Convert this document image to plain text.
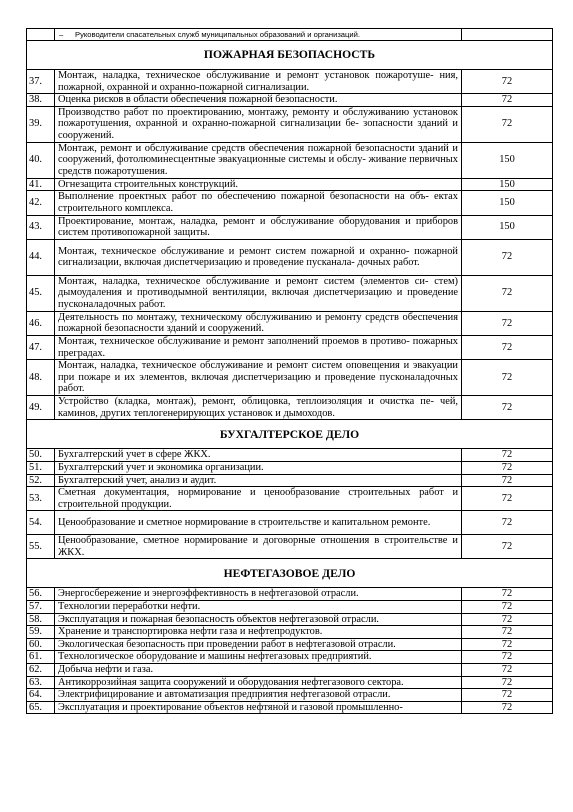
	– Руководители спасательных служб муниципальных образований и организаций.	
ПОЖАРНАЯ БЕЗОПАСНОСТЬ		
37.	Монтаж, наладка, техническое обслуживание и ремонт установок пожаротуше- ния, пожарной, охранной и охранно-пожарной сигнализации.	72
38.	Оценка рисков в области обеспечения пожарной безопасности.	72
39.	Производство работ по проектированию, монтажу, ремонту и обслуживанию установок пожаротушения, охранной и охранно-пожарной сигнализации бе- зопасности зданий и сооружений.	72
40.	Монтаж, ремонт и обслуживание средств обеспечения пожарной безопасности зданий и сооружений, фотолюминесцентные эвакуационные системы и обслу- живание первичных средств пожаротушения.	150
41.	Огнезащита строительных конструкций.	150
42.	Выполнение проектных работ по обеспечению пожарной безопасности на объ- ектах строительного комплекса.	150
43.	Проектирование, монтаж, наладка, ремонт и обслуживание оборудования и приборов систем противопожарной защиты.	150
44.	Монтаж, техническое обслуживание и ремонт систем пожарной и охранно- пожарной сигнализации, включая диспетчеризацию и проведение пусканала- дочных работ.	72
45.	Монтаж, наладка, техническое обслуживание и ремонт систем (элементов си- стем) дымоудаления и противодымной вентиляции, включая диспетчеризацию и проведение пусконаладочных работ.	72
46.	Деятельность по монтажу, техническому обслуживанию и ремонту средств обеспечения пожарной безопасности зданий и сооружений.	72
47.	Монтаж, техническое обслуживание и ремонт заполнений проемов в противо- пожарных преградах.	72
48.	Монтаж, наладка, техническое обслуживание и ремонт систем оповещения и эвакуации при пожаре и их элементов, включая диспетчеризацию и проведение пусконаладочных работ.	72
49.	Устройство (кладка, монтаж), ремонт, облицовка, теплоизоляция и очистка пе- чей, каминов, других теплогенерирующих установок и дымоходов.	72
БУХГАЛТЕРСКОЕ ДЕЛО		
50.	Бухгалтерский учет в сфере ЖКХ.	72
51.	Бухгалтерский учет и экономика организации.	72
52.	Бухгалтерский учет, анализ и аудит.	72
53.	Сметная документация, нормирование и ценообразование строительных работ и строительной продукции.	72
54.	Ценообразование и сметное нормирование в строительстве и капитальном ремонте.	72
55.	Ценообразование, сметное нормирование и договорные отношения в строительстве и ЖКХ.	72
НЕФТЕГАЗОВОЕ ДЕЛО		
56.	Энергосбережение и энергоэффективность в нефтегазовой отрасли.	72
57.	Технологии переработки нефти.	72
58.	Эксплуатация и пожарная безопасность объектов нефтегазовой отрасли.	72
59.	Хранение и транспортировка нефти газа и нефтепродуктов.	72
60.	Экологическая безопасность при проведении работ в нефтегазовой отрасли.	72
61.	Технологическое оборудование и машины нефтегазовых предприятий.	72
62.	Добыча нефти и газа.	72
63.	Антикоррозийная защита сооружений и оборудования нефтегазового сектора.	72
64.	Электрифицирование и автоматизация предприятия нефтегазовой отрасли.	72
65.	Эксплуатация и проектирование объектов нефтяной и газовой промышленно-	72
